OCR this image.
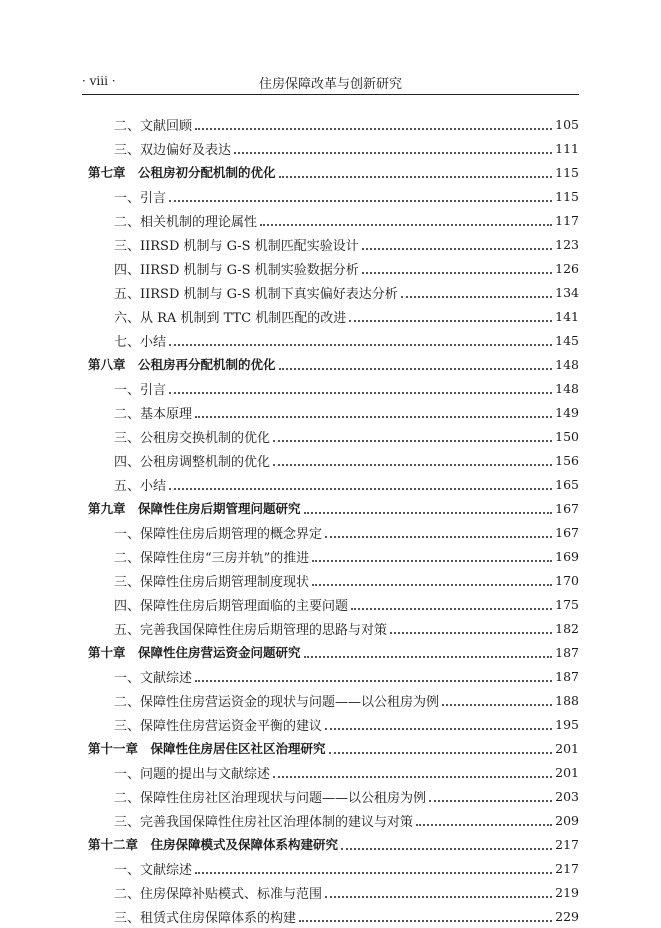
· viii ·	住房保障改革与创新研究
二、文献回顾	105
三、双边偏好及表达	111
第七章　公租房初分配机制的优化	115
一、引言	115
二、相关机制的理论属性	117
三、IIRSD 机制与 G-S 机制匹配实验设计	123
四、IIRSD 机制与 G-S 机制实验数据分析	126
五、IIRSD 机制与 G-S 机制下真实偏好表达分析	134
六、从 RA 机制到 TTC 机制匹配的改进	141
七、小结	145
第八章　公租房再分配机制的优化	148
一、引言	148
二、基本原理	149
三、公租房交换机制的优化	150
四、公租房调整机制的优化	156
五、小结	165
第九章　保障性住房后期管理问题研究	167
一、保障性住房后期管理的概念界定	167
二、保障性住房“三房并轨”的推进	169
三、保障性住房后期管理制度现状	170
四、保障性住房后期管理面临的主要问题	175
五、完善我国保障性住房后期管理的思路与对策	182
第十章　保障性住房营运资金问题研究	187
一、文献综述	187
二、保障性住房营运资金的现状与问题——以公租房为例	188
三、保障性住房营运资金平衡的建议	195
第十一章　保障性住房居住区社区治理研究	201
一、问题的提出与文献综述	201
二、保障性住房社区治理现状与问题——以公租房为例	203
三、完善我国保障性住房社区治理体制的建议与对策	209
第十二章　住房保障模式及保障体系构建研究	217
一、文献综述	217
二、住房保障补贴模式、标准与范围	219
三、租赁式住房保障体系的构建	229
